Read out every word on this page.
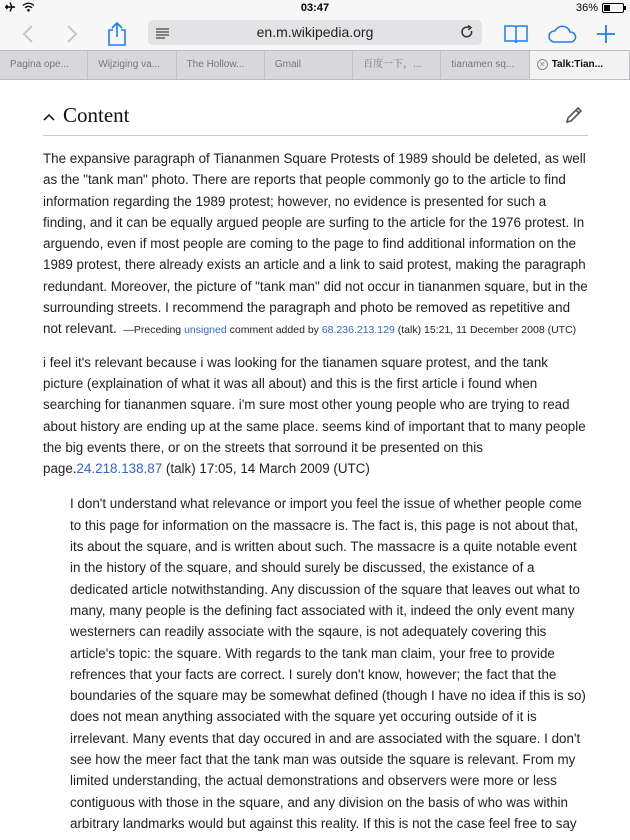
03:47	36%
en.m.wikipedia.org
Pagina ope...	Wijziging va...	The Hollow...	Gmail	百度一下，...	tianamen sq...	✕ Talk:Tian...
Content

The expansive paragraph of Tiananmen Square Protests of 1989 should be deleted, as well as the "tank man" photo. There are reports that people commonly go to the article to find information regarding the 1989 protest; however, no evidence is presented for such a finding, and it can be equally argued people are surfing to the article for the 1976 protest. In arguendo, even if most people are coming to the page to find additional information on the 1989 protest, there already exists an article and a link to said protest, making the paragraph redundant. Moreover, the picture of "tank man" did not occur in tiananmen square, but in the surrounding streets. I recommend the paragraph and photo be removed as repetitive and not relevant. —Preceding unsigned comment added by 68.236.213.129 (talk) 15:21, 11 December 2008 (UTC)

i feel it's relevant because i was looking for the tianamen square protest, and the tank picture (explaination of what it was all about) and this is the first article i found when searching for tiananmen square. i'm sure most other young people who are trying to read about history are ending up at the same place. seems kind of important that to many people the big events there, or on the streets that sorround it be presented on this page.24.218.138.87 (talk) 17:05, 14 March 2009 (UTC)

I don't understand what relevance or import you feel the issue of whether people come to this page for information on the massacre is. The fact is, this page is not about that, its about the square, and is written about such. The massacre is a quite notable event in the history of the square, and should surely be discussed, the existance of a dedicated article notwithstanding. Any discussion of the square that leaves out what to many, many people is the defining fact associated with it, indeed the only event many westerners can readily associate with the sqaure, is not adequately covering this article's topic: the square. With regards to the tank man claim, your free to provide refrences that your facts are correct. I surely don't know, however; the fact that the boundaries of the square may be somewhat defined (though I have no idea if this is so) does not mean anything associated with the square yet occuring outside of it is irrelevant. Many events that day occured in and are associated with the square. I don't see how the meer fact that the tank man was outside the square is relevant. From my limited understanding, the actual demonstrations and observers were more or less contiguous with those in the square, and any division on the basis of who was within arbitrary landmarks would but against this reality. If this is not the case feel free to say
